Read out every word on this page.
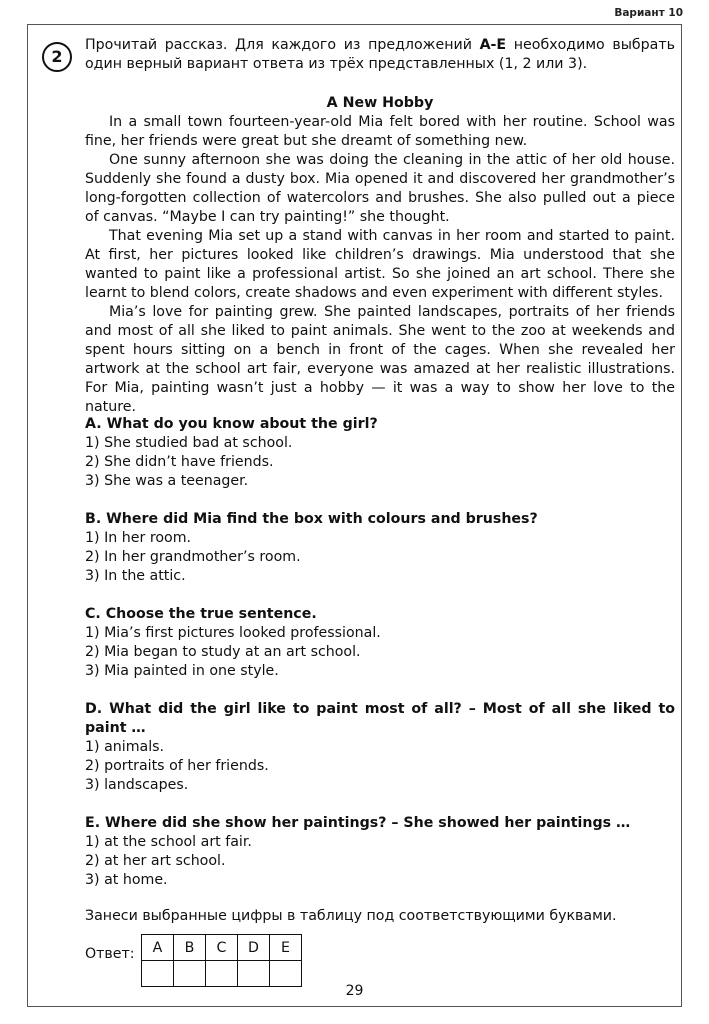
Вариант 10
2
Прочитай рассказ. Для каждого из предложений A-E необходимо выбрать один верный вариант ответа из трёх представленных (1, 2 или 3).
A New Hobby

In a small town fourteen-year-old Mia felt bored with her routine. School was fine, her friends were great but she dreamt of something new.

One sunny afternoon she was doing the cleaning in the attic of her old house. Suddenly she found a dusty box. Mia opened it and discovered her grandmother’s long-forgotten collection of watercolors and brushes. She also pulled out a piece of canvas. “Maybe I can try painting!” she thought.

That evening Mia set up a stand with canvas in her room and started to paint. At first, her pictures looked like children’s drawings. Mia understood that she wanted to paint like a professional artist. So she joined an art school. There she learnt to blend colors, create shadows and even experiment with different styles.

Mia’s love for painting grew. She painted landscapes, portraits of her friends and most of all she liked to paint animals. She went to the zoo at weekends and spent hours sitting on a bench in front of the cages. When she revealed her artwork at the school art fair, everyone was amazed at her realistic illustrations. For Mia, painting wasn’t just a hobby — it was a way to show her love to the nature.

A. What do you know about the girl?
1) She studied bad at school.
2) She didn’t have friends.
3) She was a teenager.
B. Where did Mia find the box with colours and brushes?
1) In her room.
2) In her grandmother’s room.
3) In the attic.
C. Choose the true sentence.
1) Mia’s first pictures looked professional.
2) Mia began to study at an art school.
3) Mia painted in one style.
D. What did the girl like to paint most of all? – Most of all she liked to paint …
1) animals.
2) portraits of her friends.
3) landscapes.
E. Where did she show her paintings? – She showed her paintings …
1) at the school art fair.
2) at her art school.
3) at home.
Занеси выбранные цифры в таблицу под соответствующими буквами.
Ответ: A	B	C	D	E

29
